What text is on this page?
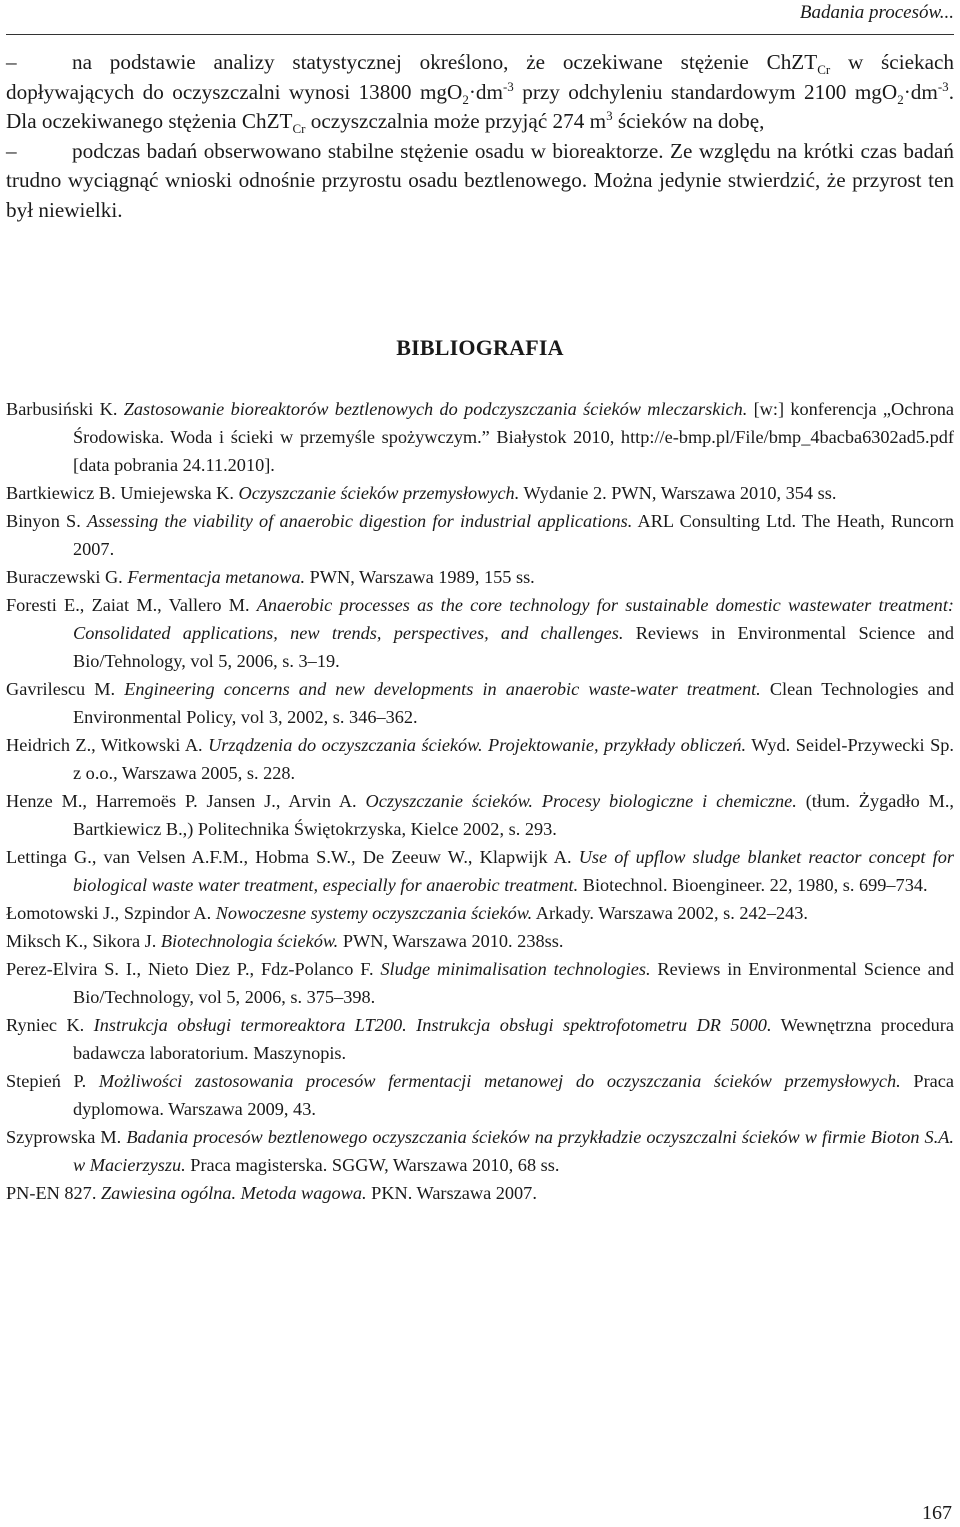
Badania procesów...

–	na podstawie analizy statystycznej określono, że oczekiwane stężenie ChZT$_{Cr}$ w ściekach dopływających do oczyszczalni wynosi 13800 $mgO_2\cdot dm^{-3}$ przy odchyleniu standardowym 2100 $mgO_2\cdot dm^{-3}$. Dla oczekiwanego stężenia ChZT$_{Cr}$ oczyszczalnia może przyjąć 274 $m^3$ ścieków na dobę,

–	podczas badań obserwowano stabilne stężenie osadu w bioreaktorze. Ze względu na krótki czas badań trudno wyciągnąć wnioski odnośnie przyrostu osadu beztlenowego. Można jedynie stwierdzić, że przyrost ten był niewielki.

BIBLIOGRAFIA

Barbusiński K. Zastosowanie bioreaktorów beztlenowych do podczyszczania ścieków mleczarskich. [w:] konferencja „Ochrona Środowiska. Woda i ścieki w przemyśle spożywczym.” Białystok 2010, http://e-bmp.pl/File/bmp_4bacba6302ad5.pdf [data pobrania 24.11.2010].

Bartkiewicz B. Umiejewska K. Oczyszczanie ścieków przemysłowych. Wydanie 2. PWN, Warszawa 2010, 354 ss.

Binyon S. Assessing the viability of anaerobic digestion for industrial applications. ARL Consulting Ltd. The Heath, Runcorn 2007.

Buraczewski G. Fermentacja metanowa. PWN, Warszawa 1989, 155 ss.

Foresti E., Zaiat M., Vallero M. Anaerobic processes as the core technology for sustainable domestic wastewater treatment: Consolidated applications, new trends, perspectives, and challenges. Reviews in Environmental Science and Bio/Tehnology, vol 5, 2006, s. 3–19.

Gavrilescu M. Engineering concerns and new developments in anaerobic waste-water treatment. Clean Technologies and Environmental Policy, vol 3, 2002, s. 346–362.

Heidrich Z., Witkowski A. Urządzenia do oczyszczania ścieków. Projektowanie, przykłady obliczeń. Wyd. Seidel-Przywecki Sp. z o.o., Warszawa 2005, s. 228.

Henze M., Harremoës P. Jansen J., Arvin A. Oczyszczanie ścieków. Procesy biologiczne i chemiczne. (tłum. Żygadło M., Bartkiewicz B.,) Politechnika Świętokrzyska, Kielce 2002, s. 293.

Lettinga G., van Velsen A.F.M., Hobma S.W., De Zeeuw W., Klapwijk A. Use of upflow sludge blanket reactor concept for biological waste water treatment, especially for anaerobic treatment. Biotechnol. Bioengineer. 22, 1980, s. 699–734.

Łomotowski J., Szpindor A. Nowoczesne systemy oczyszczania ścieków. Arkady. Warszawa 2002, s. 242–243.

Miksch K., Sikora J. Biotechnologia ścieków. PWN, Warszawa 2010. 238ss.

Perez-Elvira S. I., Nieto Diez P., Fdz-Polanco F. Sludge minimalisation technologies. Reviews in Environmental Science and Bio/Technology, vol 5, 2006, s. 375–398.

Ryniec K. Instrukcja obsługi termoreaktora LT200. Instrukcja obsługi spektrofotometru DR 5000. Wewnętrzna procedura badawcza laboratorium. Maszynopis.

Stepień P. Możliwości zastosowania procesów fermentacji metanowej do oczyszczania ścieków przemysłowych. Praca dyplomowa. Warszawa 2009, 43.

Szyprowska M. Badania procesów beztlenowego oczyszczania ścieków na przykładzie oczyszczalni ścieków w firmie Bioton S.A. w Macierzyszu. Praca magisterska. SGGW, Warszawa 2010, 68 ss.

PN-EN 827. Zawiesina ogólna. Metoda wagowa. PKN. Warszawa 2007.

167
